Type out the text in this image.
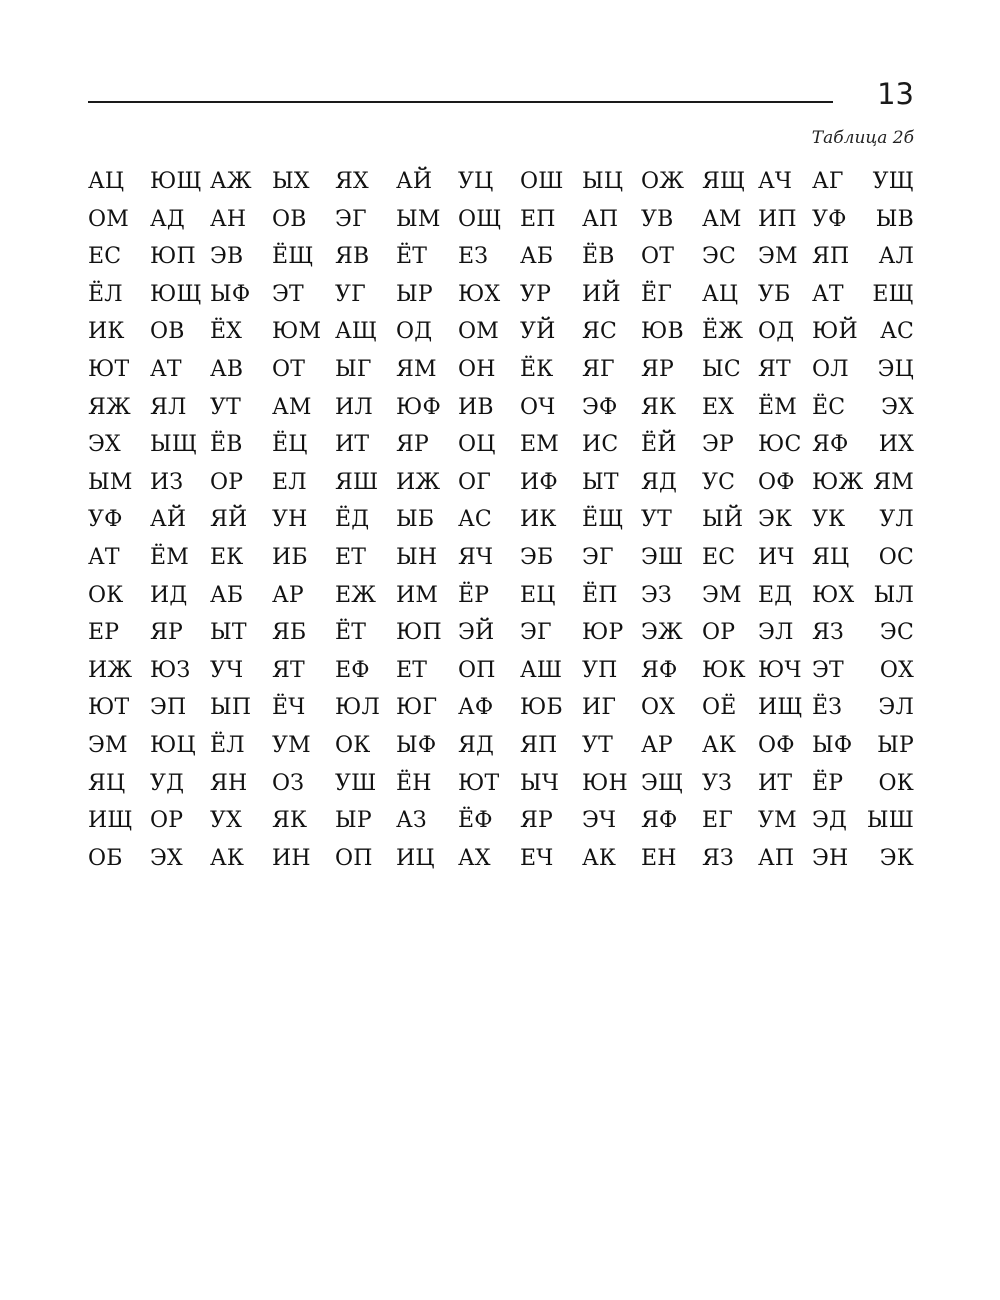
13
Таблица 2б
АЦ ЮЩ АЖ ЫХ ЯХ АЙ УЦ ОШ ЫЦ ОЖ ЯЩ АЧ АГ УЩ
ОМ АД АН ОВ ЭГ ЫМ ОЩ ЕП АП УВ АМ ИП УФ ЫВ
ЕС ЮП ЭВ ЁЩ ЯВ ЁТ ЕЗ АБ ЁВ ОТ ЭС ЭМ ЯП АЛ
ЁЛ ЮЩ ЫФ ЭТ УГ ЫР ЮХ УР ИЙ ЁГ АЦ УБ АТ ЕЩ
ИК ОВ ЁХ ЮМ АЩ ОД ОМ УЙ ЯС ЮВ ЁЖ ОД ЮЙ АС
ЮТ АТ АВ ОТ ЫГ ЯМ ОН ЁК ЯГ ЯР ЫС ЯТ ОЛ ЭЦ
ЯЖ ЯЛ УТ АМ ИЛ ЮФ ИВ ОЧ ЭФ ЯК ЕХ ЁМ ЁС ЭХ
ЭХ ЫЩ ЁВ ЁЦ ИТ ЯР ОЦ ЕМ ИС ЁЙ ЭР ЮС ЯФ ИХ
ЫМ ИЗ ОР ЕЛ ЯШ ИЖ ОГ ИФ ЫТ ЯД УС ОФ ЮЖ ЯМ
УФ АЙ ЯЙ УН ЁД ЫБ АС ИК ЁЩ УТ ЫЙ ЭК УК УЛ
АТ ЁМ ЕК ИБ ЕТ ЫН ЯЧ ЭБ ЭГ ЭШ ЕС ИЧ ЯЦ ОС
ОК ИД АБ АР ЕЖ ИМ ЁР ЕЦ ЁП ЭЗ ЭМ ЕД ЮХ ЫЛ
ЕР ЯР ЫТ ЯБ ЁТ ЮП ЭЙ ЭГ ЮР ЭЖ ОР ЭЛ ЯЗ ЭС
ИЖ ЮЗ УЧ ЯТ ЕФ ЕТ ОП АШ УП ЯФ ЮК ЮЧ ЭТ ОХ
ЮТ ЭП ЫП ЁЧ ЮЛ ЮГ АФ ЮБ ИГ ОХ ОЁ ИЩ ЁЗ ЭЛ
ЭМ ЮЦ ЁЛ УМ ОК ЫФ ЯД ЯП УТ АР АК ОФ ЫФ ЫР
ЯЦ УД ЯН ОЗ УШ ЁН ЮТ ЫЧ ЮН ЭЩ УЗ ИТ ЁР ОК
ИЩ ОР УХ ЯК ЫР АЗ ЁФ ЯР ЭЧ ЯФ ЕГ УМ ЭД ЫШ
ОБ ЭХ АК ИН ОП ИЦ АХ ЕЧ АК ЕН ЯЗ АП ЭН ЭК
